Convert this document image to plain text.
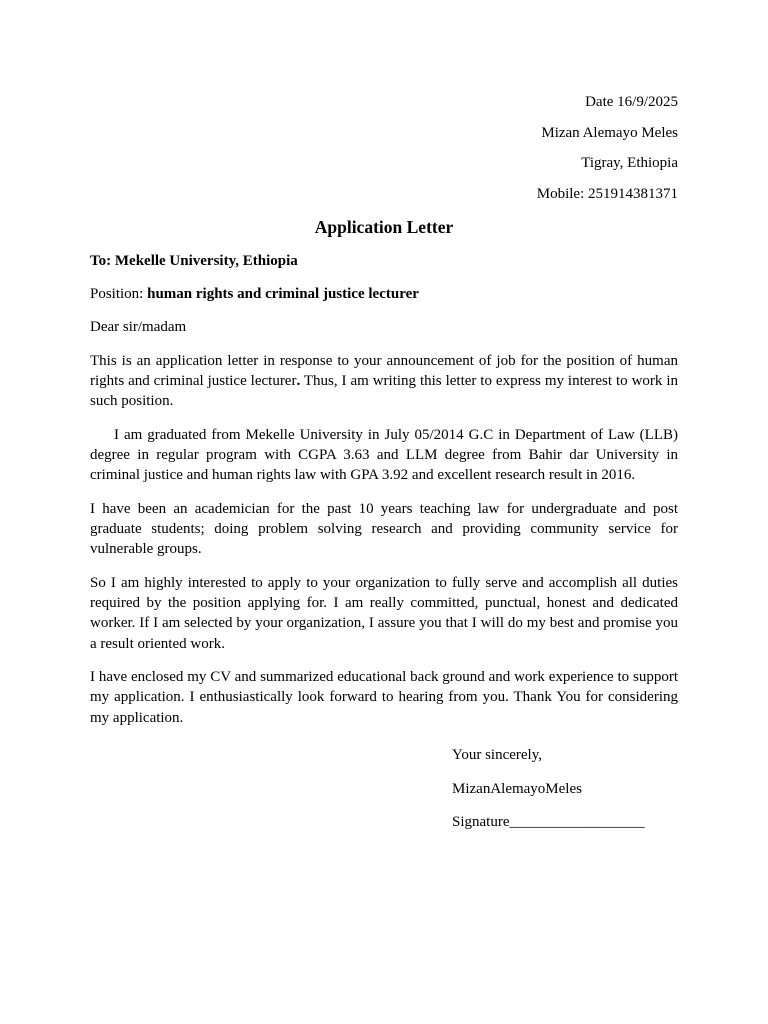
Date 16/9/2025
Mizan Alemayo Meles
Tigray, Ethiopia
Mobile: 251914381371
Application Letter

To: Mekelle University, Ethiopia

Position: human rights and criminal justice lecturer

Dear sir/madam

This is an application letter in response to your announcement of job for the position of human rights and criminal justice lecturer. Thus, I am writing this letter to express my interest to work in such position.

I am graduated from Mekelle University in July 05/2014 G.C in Department of Law (LLB) degree in regular program with CGPA 3.63 and LLM degree from Bahir dar University in criminal justice and human rights law with GPA 3.92 and excellent research result in 2016.

I have been an academician for the past 10 years teaching law for undergraduate and post graduate students; doing problem solving research and providing community service for vulnerable groups.

So I am highly interested to apply to your organization to fully serve and accomplish all duties required by the position applying for. I am really committed, punctual, honest and dedicated worker. If I am selected by your organization, I assure you that I will do my best and promise you a result oriented work.

I have enclosed my CV and summarized educational back ground and work experience to support my application. I enthusiastically look forward to hearing from you. Thank You for considering my application.

Your sincerely,
MizanAlemayoMeles
Signature__________________
